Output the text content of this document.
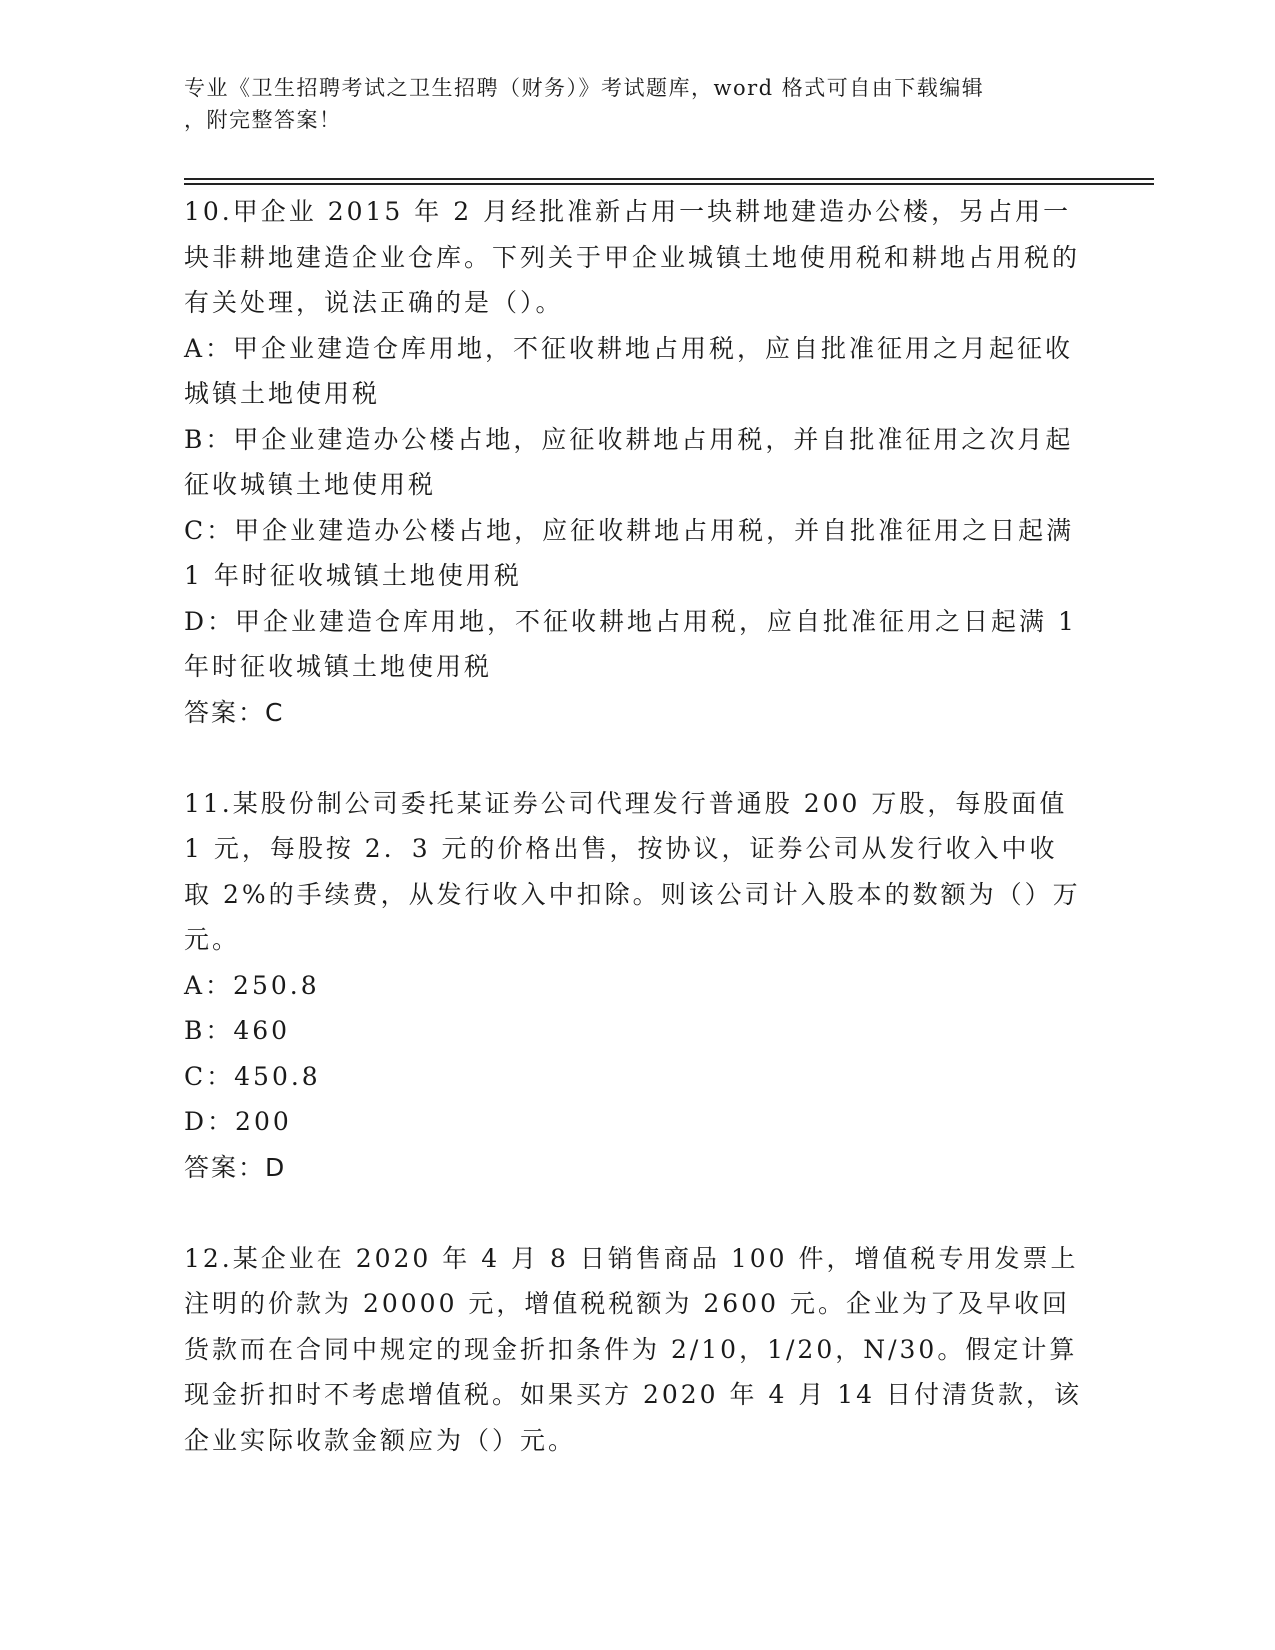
专业《卫生招聘考试之卫生招聘（财务）》考试题库，word 格式可自由下载编辑
，附完整答案！

10.甲企业 2015 年 2 月经批准新占用一块耕地建造办公楼，另占用一块非耕地建造企业仓库。下列关于甲企业城镇土地使用税和耕地占用税的有关处理，说法正确的是（）。

A：甲企业建造仓库用地，不征收耕地占用税，应自批准征用之月起征收城镇土地使用税

B：甲企业建造办公楼占地，应征收耕地占用税，并自批准征用之次月起征收城镇土地使用税

C：甲企业建造办公楼占地，应征收耕地占用税，并自批准征用之日起满 1 年时征收城镇土地使用税

D：甲企业建造仓库用地，不征收耕地占用税，应自批准征用之日起满 1 年时征收城镇土地使用税

答案：C

11.某股份制公司委托某证券公司代理发行普通股 200 万股，每股面值 1 元，每股按 2．3 元的价格出售，按协议，证券公司从发行收入中收取 2%的手续费，从发行收入中扣除。则该公司计入股本的数额为（）万元。

A：250.8

B：460

C：450.8

D：200

答案：D

12.某企业在 2020 年 4 月 8 日销售商品 100 件，增值税专用发票上注明的价款为 20000 元，增值税税额为 2600 元。企业为了及早收回货款而在合同中规定的现金折扣条件为 2/10，1/20，N/30。假定计算现金折扣时不考虑增值税。如果买方 2020 年 4 月 14 日付清货款，该企业实际收款金额应为（）元。
